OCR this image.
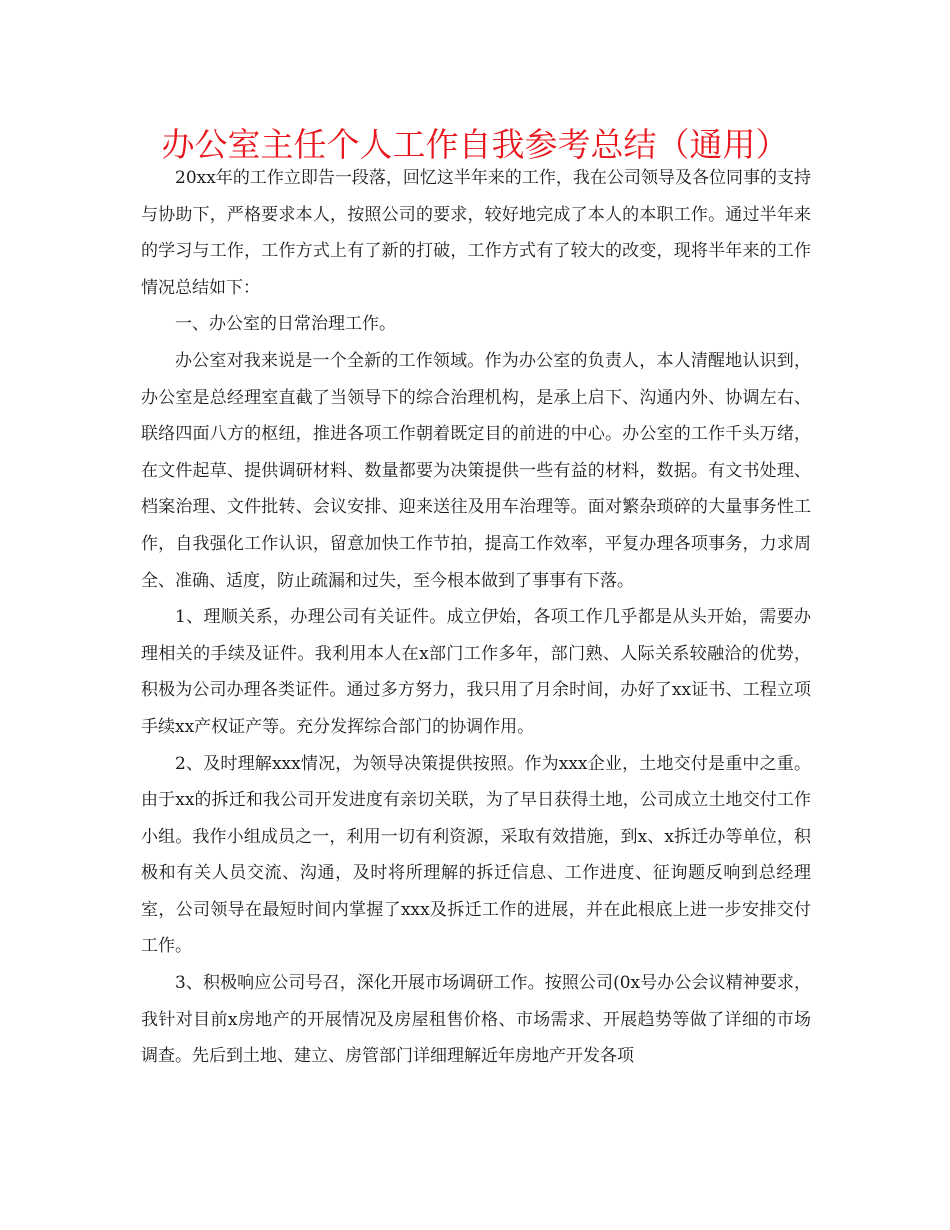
办公室主任个人工作自我参考总结（通用）

20xx年的工作立即告一段落，回忆这半年来的工作，我在公司领导及各位同事的支持与协助下，严格要求本人，按照公司的要求，较好地完成了本人的本职工作。通过半年来的学习与工作，工作方式上有了新的打破，工作方式有了较大的改变，现将半年来的工作情况总结如下：

一、办公室的日常治理工作。

办公室对我来说是一个全新的工作领域。作为办公室的负责人，本人清醒地认识到，办公室是总经理室直截了当领导下的综合治理机构，是承上启下、沟通内外、协调左右、联络四面八方的枢纽，推进各项工作朝着既定目的前进的中心。办公室的工作千头万绪，在文件起草、提供调研材料、数量都要为决策提供一些有益的材料，数据。有文书处理、档案治理、文件批转、会议安排、迎来送往及用车治理等。面对繁杂琐碎的大量事务性工作，自我强化工作认识，留意加快工作节拍，提高工作效率，平复办理各项事务，力求周全、准确、适度，防止疏漏和过失，至今根本做到了事事有下落。

1、理顺关系，办理公司有关证件。成立伊始，各项工作几乎都是从头开始，需要办理相关的手续及证件。我利用本人在x部门工作多年，部门熟、人际关系较融洽的优势，积极为公司办理各类证件。通过多方努力，我只用了月余时间，办好了xx证书、工程立项手续xx产权证产等。充分发挥综合部门的协调作用。

2、及时理解xxx情况，为领导决策提供按照。作为xxx企业，土地交付是重中之重。由于xx的拆迁和我公司开发进度有亲切关联，为了早日获得土地，公司成立土地交付工作小组。我作小组成员之一，利用一切有利资源，采取有效措施，到x、x拆迁办等单位，积极和有关人员交流、沟通，及时将所理解的拆迁信息、工作进度、征询题反响到总经理室，公司领导在最短时间内掌握了xxx及拆迁工作的进展，并在此根底上进一步安排交付工作。

3、积极响应公司号召，深化开展市场调研工作。按照公司(0x号办公会议精神要求，我针对目前x房地产的开展情况及房屋租售价格、市场需求、开展趋势等做了详细的市场调查。先后到土地、建立、房管部门详细理解近年房地产开发各项
